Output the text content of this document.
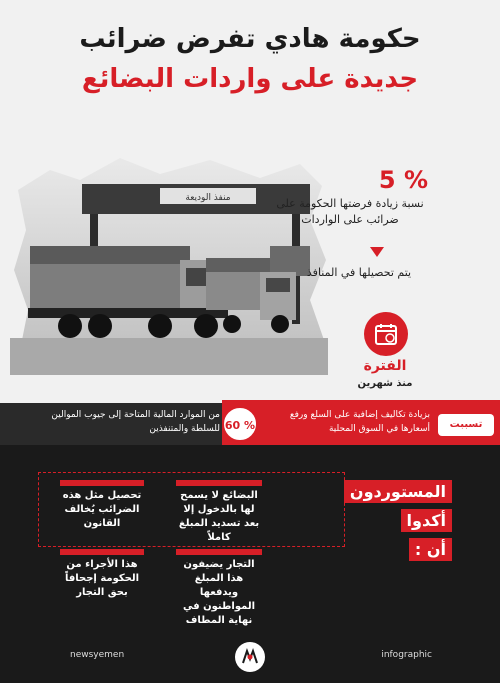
حكومة هادي تفرض ضرائب
جديدة على واردات البضائع
منفذ الوديعة
5 %
نسبة زيادة فرضتها الحكومة على ضرائب على الواردات
يتم تحصيلها في المنافذ
الفترة
منذ شهرين
تسببت
بزيادة تكاليف إضافية على السلع ورفع أسعارها في السوق المحلية
60 %
من الموارد المالية المتاحة إلى جيوب الموالين للسلطة والمتنفذين
المستوردون
أكدوا
أن :
البضائع لا يسمح لها بالدخول إلا بعد تسديد المبلغ كاملاً
تحصيل مثل هذه الضرائب يُخالف القانون
التجار يضيفون هذا المبلغ ويدفعها المواطنون في نهاية المطاف
هذا الأجراء من الحكومة إجحافاً بحق التجار
newsyemen	infographic
